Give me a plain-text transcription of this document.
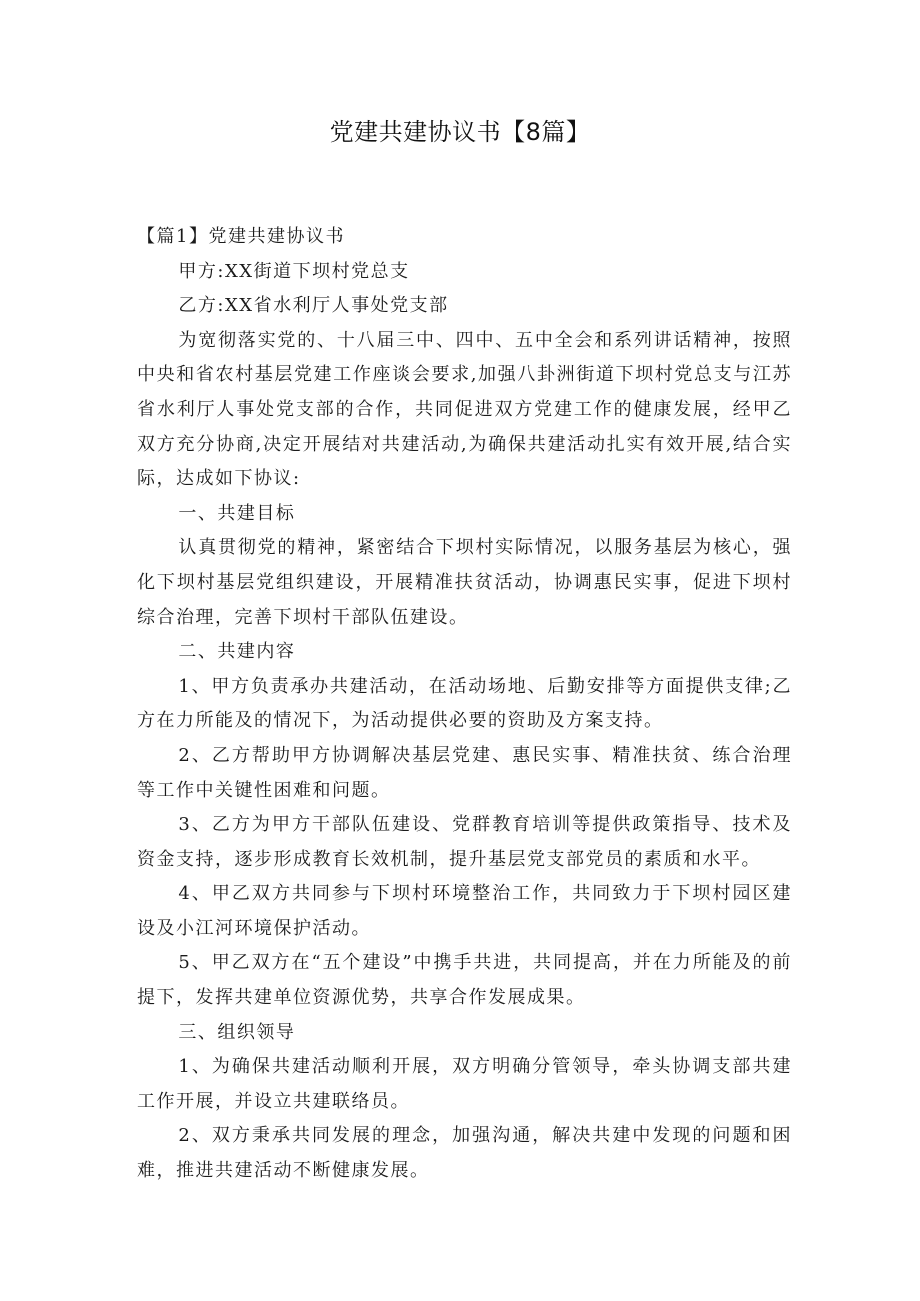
党建共建协议书【8篇】

【篇1】党建共建协议书

甲方:XX街道下坝村党总支

乙方:XX省水利厅人事处党支部

为宽彻落实党的、十八届三中、四中、五中全会和系列讲话精神，按照中央和省农村基层党建工作座谈会要求,加强八卦洲街道下坝村党总支与江苏省水利厅人事处党支部的合作，共同促进双方党建工作的健康发展，经甲乙双方充分协商,决定开展结对共建活动,为确保共建活动扎实有效开展,结合实际，达成如下协议:

一、共建目标

认真贯彻党的精神，紧密结合下坝村实际情况，以服务基层为核心，强化下坝村基层党组织建设，开展精准扶贫活动，协调惠民实事，促进下坝村综合治理，完善下坝村干部队伍建设。

二、共建内容

1、甲方负责承办共建活动，在活动场地、后勤安排等方面提供支律;乙方在力所能及的情况下，为活动提供必要的资助及方案支持。

2、乙方帮助甲方协调解决基层党建、惠民实事、精准扶贫、练合治理等工作中关键性困难和问题。

3、乙方为甲方干部队伍建设、党群教育培训等提供政策指导、技术及资金支持，逐步形成教育长效机制，提升基层党支部党员的素质和水平。

4、甲乙双方共同参与下坝村环境整治工作，共同致力于下坝村园区建设及小江河环境保护活动。

5、甲乙双方在“五个建设”中携手共进，共同提高，并在力所能及的前提下，发挥共建单位资源优势，共享合作发展成果。

三、组织领导

1、为确保共建活动顺利开展，双方明确分管领导，牵头协调支部共建工作开展，并设立共建联络员。

2、双方秉承共同发展的理念，加强沟通，解决共建中发现的问题和困难，推进共建活动不断健康发展。
